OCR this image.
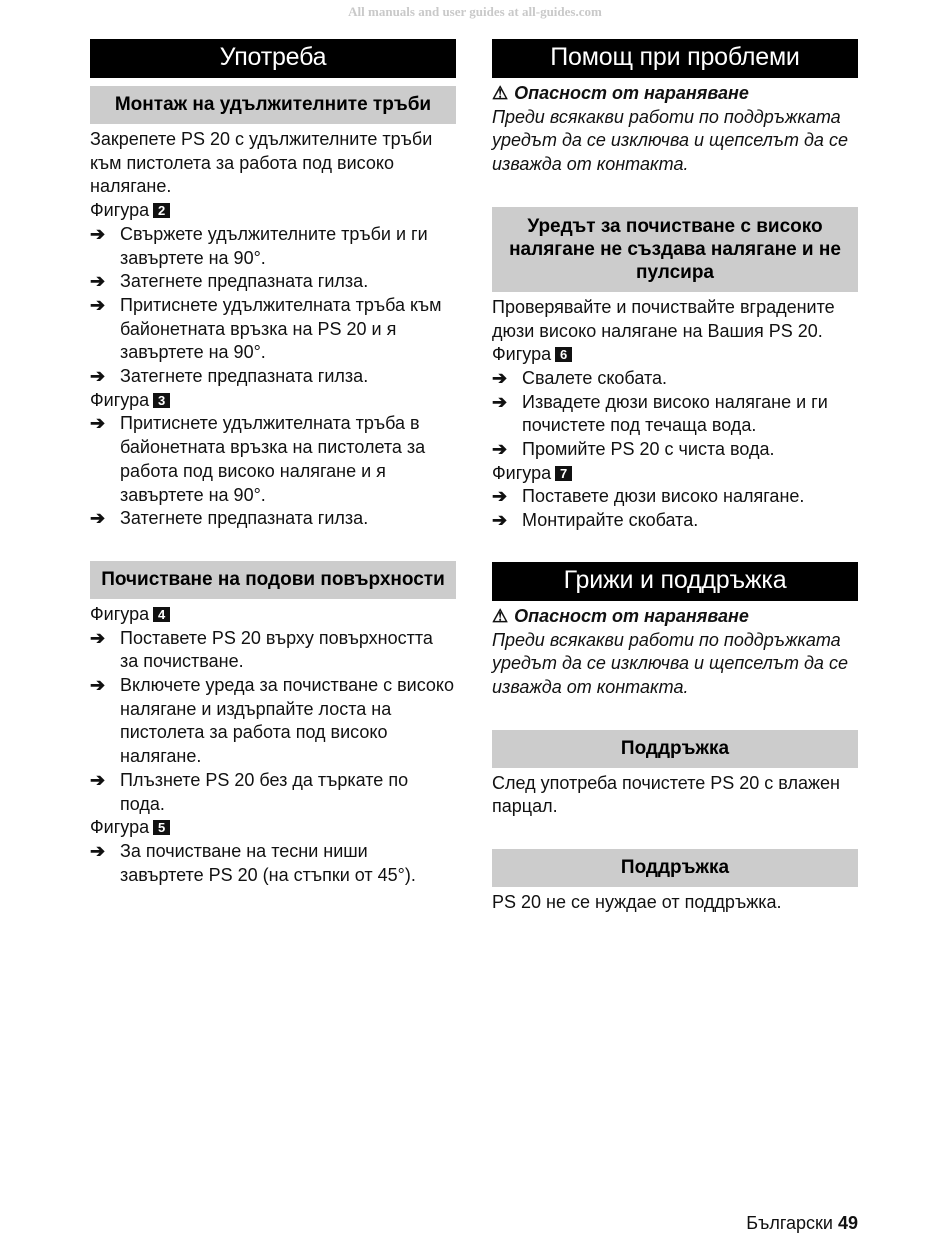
All manuals and user guides at all-guides.com
Употреба
Монтаж на удължителните тръби

Закрепете PS 20 с удължителните тръби към пистолета за работа под високо налягане.

Фигура 2
➔ Свържете удължителните тръби и ги завъртете на 90°.
➔ Затегнете предпазната гилза.
➔ Притиснете удължителната тръба към байонетната връзка на PS 20 и я завъртете на 90°.
➔ Затегнете предпазната гилза.
Фигура 3
➔ Притиснете удължителната тръба в байонетната връзка на пистолета за работа под високо налягане и я завъртете на 90°.
➔ Затегнете предпазната гилза.
Почистване на подови повърхности
Фигура 4
➔ Поставете PS 20 върху повърхността за почистване.
➔ Включете уреда за почистване с високо налягане и издърпайте лоста на пистолета за работа под високо налягане.
➔ Плъзнете PS 20 без да търкате по пода.
Фигура 5
➔ За почистване на тесни ниши завъртете PS 20 (на стъпки от 45°).
Помощ при проблеми
⚠ Опасност от нараняване
Преди всякакви работи по поддръжката уредът да се изключва и щепселът да се изважда от контакта.
Уредът за почистване с високо налягане не създава налягане и не пулсира

Проверявайте и почиствайте вградените дюзи високо налягане на Вашия PS 20.

Фигура 6
➔ Свалете скобата.
➔ Извадете дюзи високо налягане и ги почистете под течаща вода.
➔ Промийте PS 20 с чиста вода.
Фигура 7
➔ Поставете дюзи високо налягане.
➔ Монтирайте скобата.
Грижи и поддръжка
⚠ Опасност от нараняване
Преди всякакви работи по поддръжката уредът да се изключва и щепселът да се изважда от контакта.
Поддръжка

След употреба почистете PS 20 с влажен парцал.

Поддръжка

PS 20 не се нуждае от поддръжка.

Български 49
